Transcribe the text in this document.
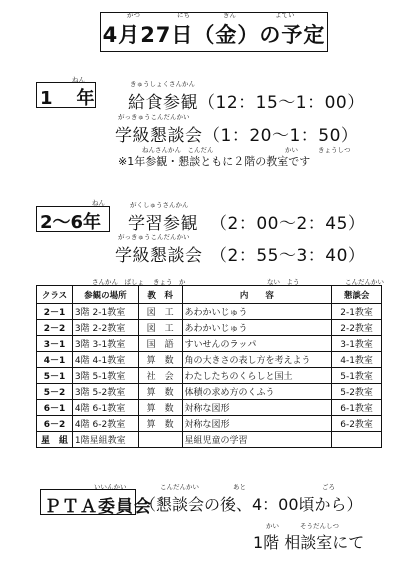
がつ	にち	きん	よてい
4月27日（金）の予定
ねん
1　年
きゅうしょくさんかん
給食参観 （12：15〜1：00）
がっきゅうこんだんかい
学級懇談会 （1：20〜1：50）
ねんさんかん　こんだん	かい	きょうしつ
※1年参観・懇談ともに２階の教室です
ねん
2〜6年
がくしゅうさんかん
学習参観 （2：00〜2：45）
がっきゅうこんだんかい
学級懇談会 （2：55〜3：40）
さんかん　ばしょ きょう　か	ない　よう	こんだんかい
クラス	参観の場所	教　科	内　　容	懇談会
2－1	3階 2-1教室	図　工	あわかいじゅう	2-1教室
2－2	3階 2-2教室	図　工	あわかいじゅう	2-2教室
3－1	3階 3-1教室	国　語	すいせんのラッパ	3-1教室
4－1	4階 4-1教室	算　数	角の大きさの表し方を考えよう	4-1教室
5－1	3階 5-1教室	社　会	わたしたちのくらしと国土	5-1教室
5－2	3階 5-2教室	算　数	体積の求め方のくふう	5-2教室
6－1	4階 6-1教室	算　数	対称な図形	6-1教室
6－2	4階 6-2教室	算　数	対称な図形	6-2教室
星　組	1階星組教室		星組児童の学習	
いいんかい	こんだんかい	あと	ごろ
ＰＴＡ委員会
（懇談会の後、4：00頃から）
かい	そうだんしつ
1階 相談室にて
